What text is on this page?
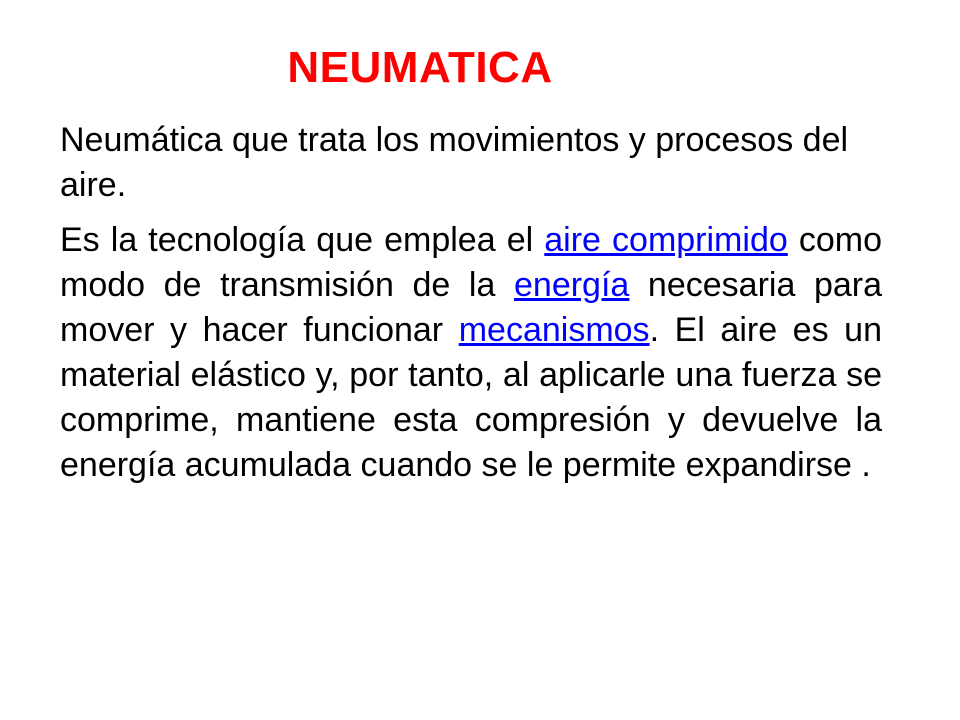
NEUMATICA

Neumática que trata los movimientos y procesos del aire.

Es la tecnología que emplea el aire comprimido como modo de transmisión de la energía necesaria para mover y hacer funcionar mecanismos. El aire es un material elástico y, por tanto, al aplicarle una fuerza se comprime, mantiene esta compresión y devuelve la energía acumulada cuando se le permite expandirse .
